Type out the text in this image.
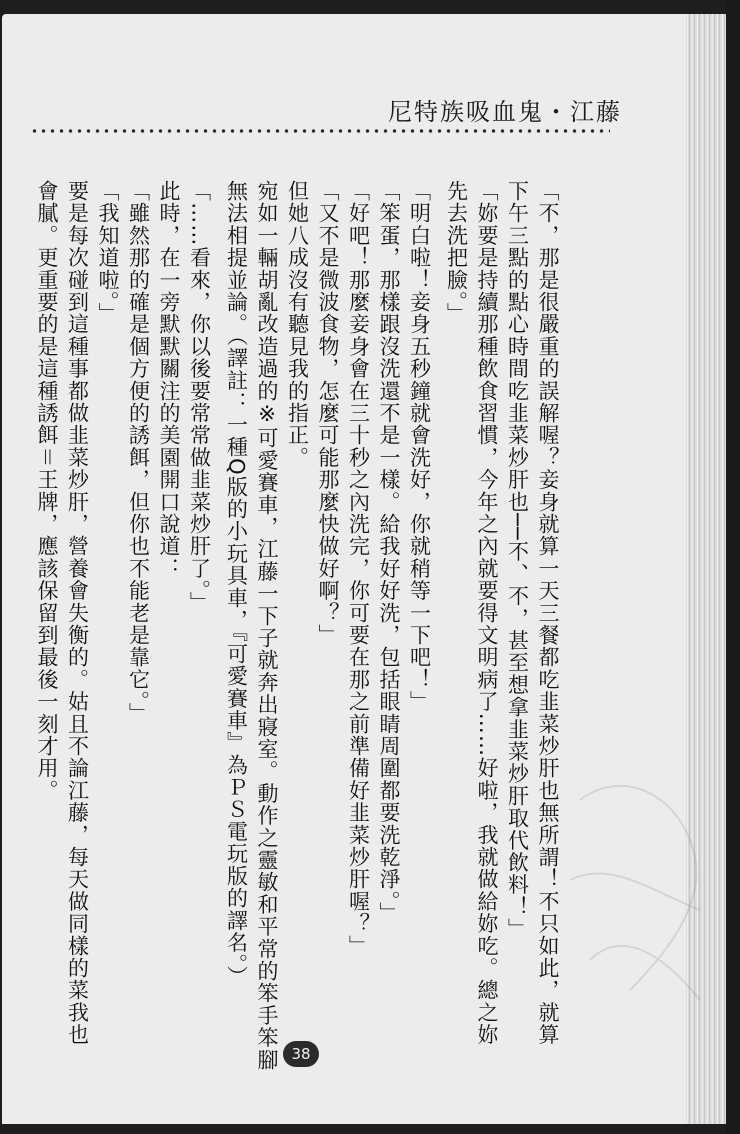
尼特族吸血鬼・江藤
「不，那是很嚴重的誤解喔？妾身就算一天三餐都吃韭菜炒肝也無所謂！不只如此，就算
下午三點的點心時間吃韭菜炒肝也──不、不，甚至想拿韭菜炒肝取代飲料！」
「妳要是持續那種飲食習慣，今年之內就要得文明病了……好啦，我就做給妳吃。總之妳
先去洗把臉。」
「明白啦！妾身五秒鐘就會洗好，你就稍等一下吧！」
「笨蛋，那樣跟沒洗還不是一樣。給我好好洗，包括眼睛周圍都要洗乾淨。」
「好吧！那麼妾身會在三十秒之內洗完，你可要在那之前準備好韭菜炒肝喔？」
「又不是微波食物，怎麼可能那麼快做好啊？」
但她八成沒有聽見我的指正。
宛如一輛胡亂改造過的※可愛賽車，江藤一下子就奔出寢室。動作之靈敏和平常的笨手笨腳
無法相提並論。（譯註：一種Q版的小玩具車，『可愛賽車』為ＰＳ電玩版的譯名。）
「……看來，你以後要常常做韭菜炒肝了。」
此時，在一旁默默關注的美園開口說道：
「雖然那的確是個方便的誘餌，但你也不能老是靠它。」
「我知道啦。」
要是每次碰到這種事都做韭菜炒肝，營養會失衡的。姑且不論江藤，每天做同樣的菜我也
會膩。更重要的是這種誘餌＝王牌，應該保留到最後一刻才用。
38
